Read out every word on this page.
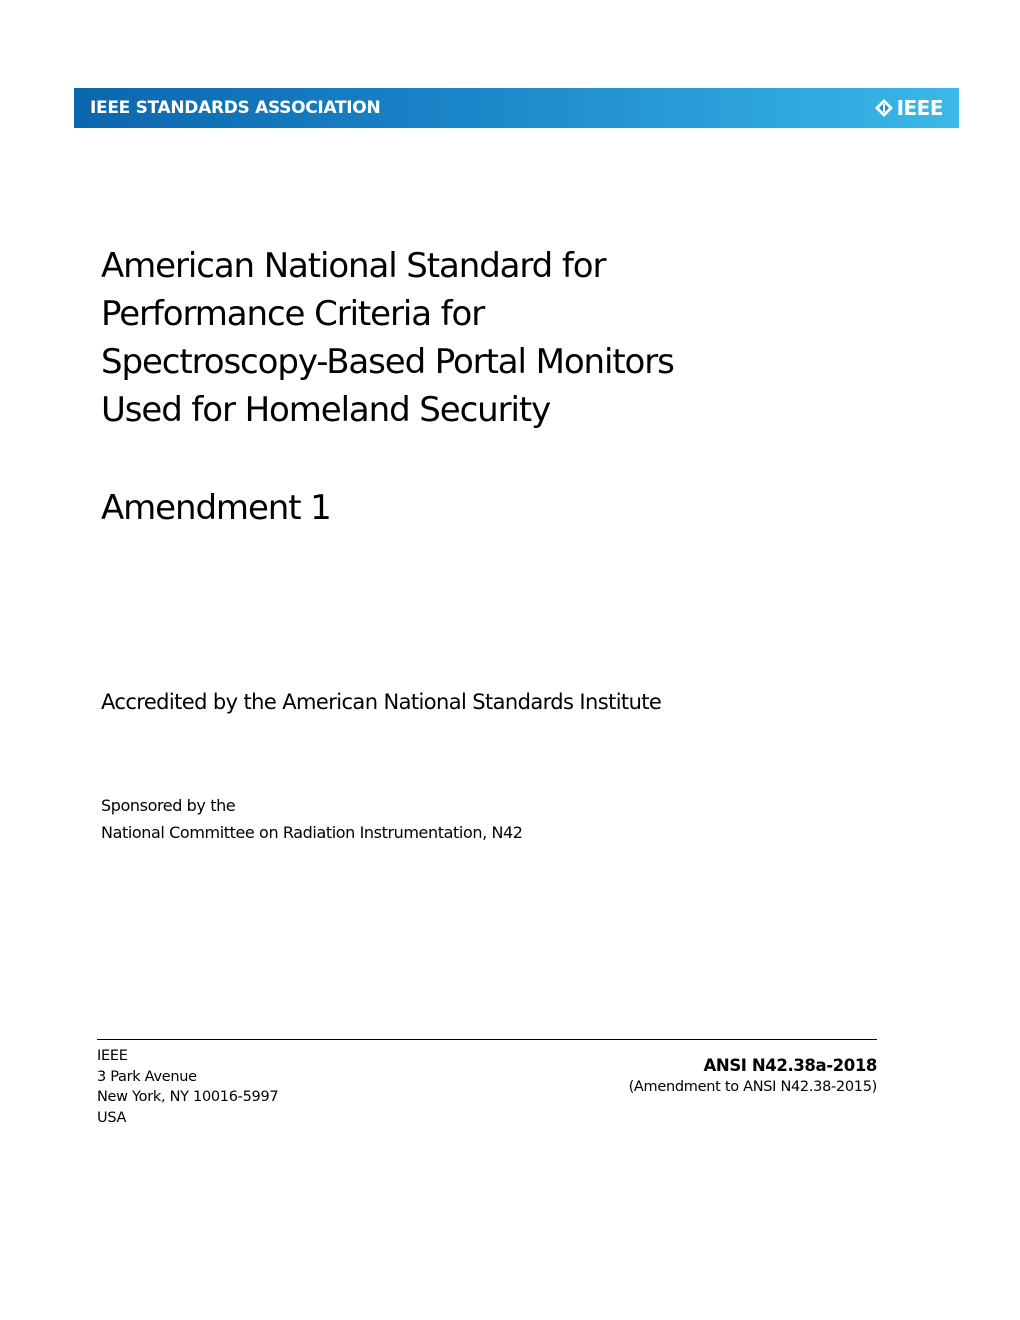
IEEE STANDARDS ASSOCIATION	IEEE
American National Standard for
Performance Criteria for
Spectroscopy-Based Portal Monitors
Used for Homeland Security
Amendment 1
Accredited by the American National Standards Institute
Sponsored by the
National Committee on Radiation Instrumentation, N42
IEEE
3 Park Avenue
New York, NY 10016-5997
USA
ANSI N42.38a-2018
(Amendment to ANSI N42.38-2015)
